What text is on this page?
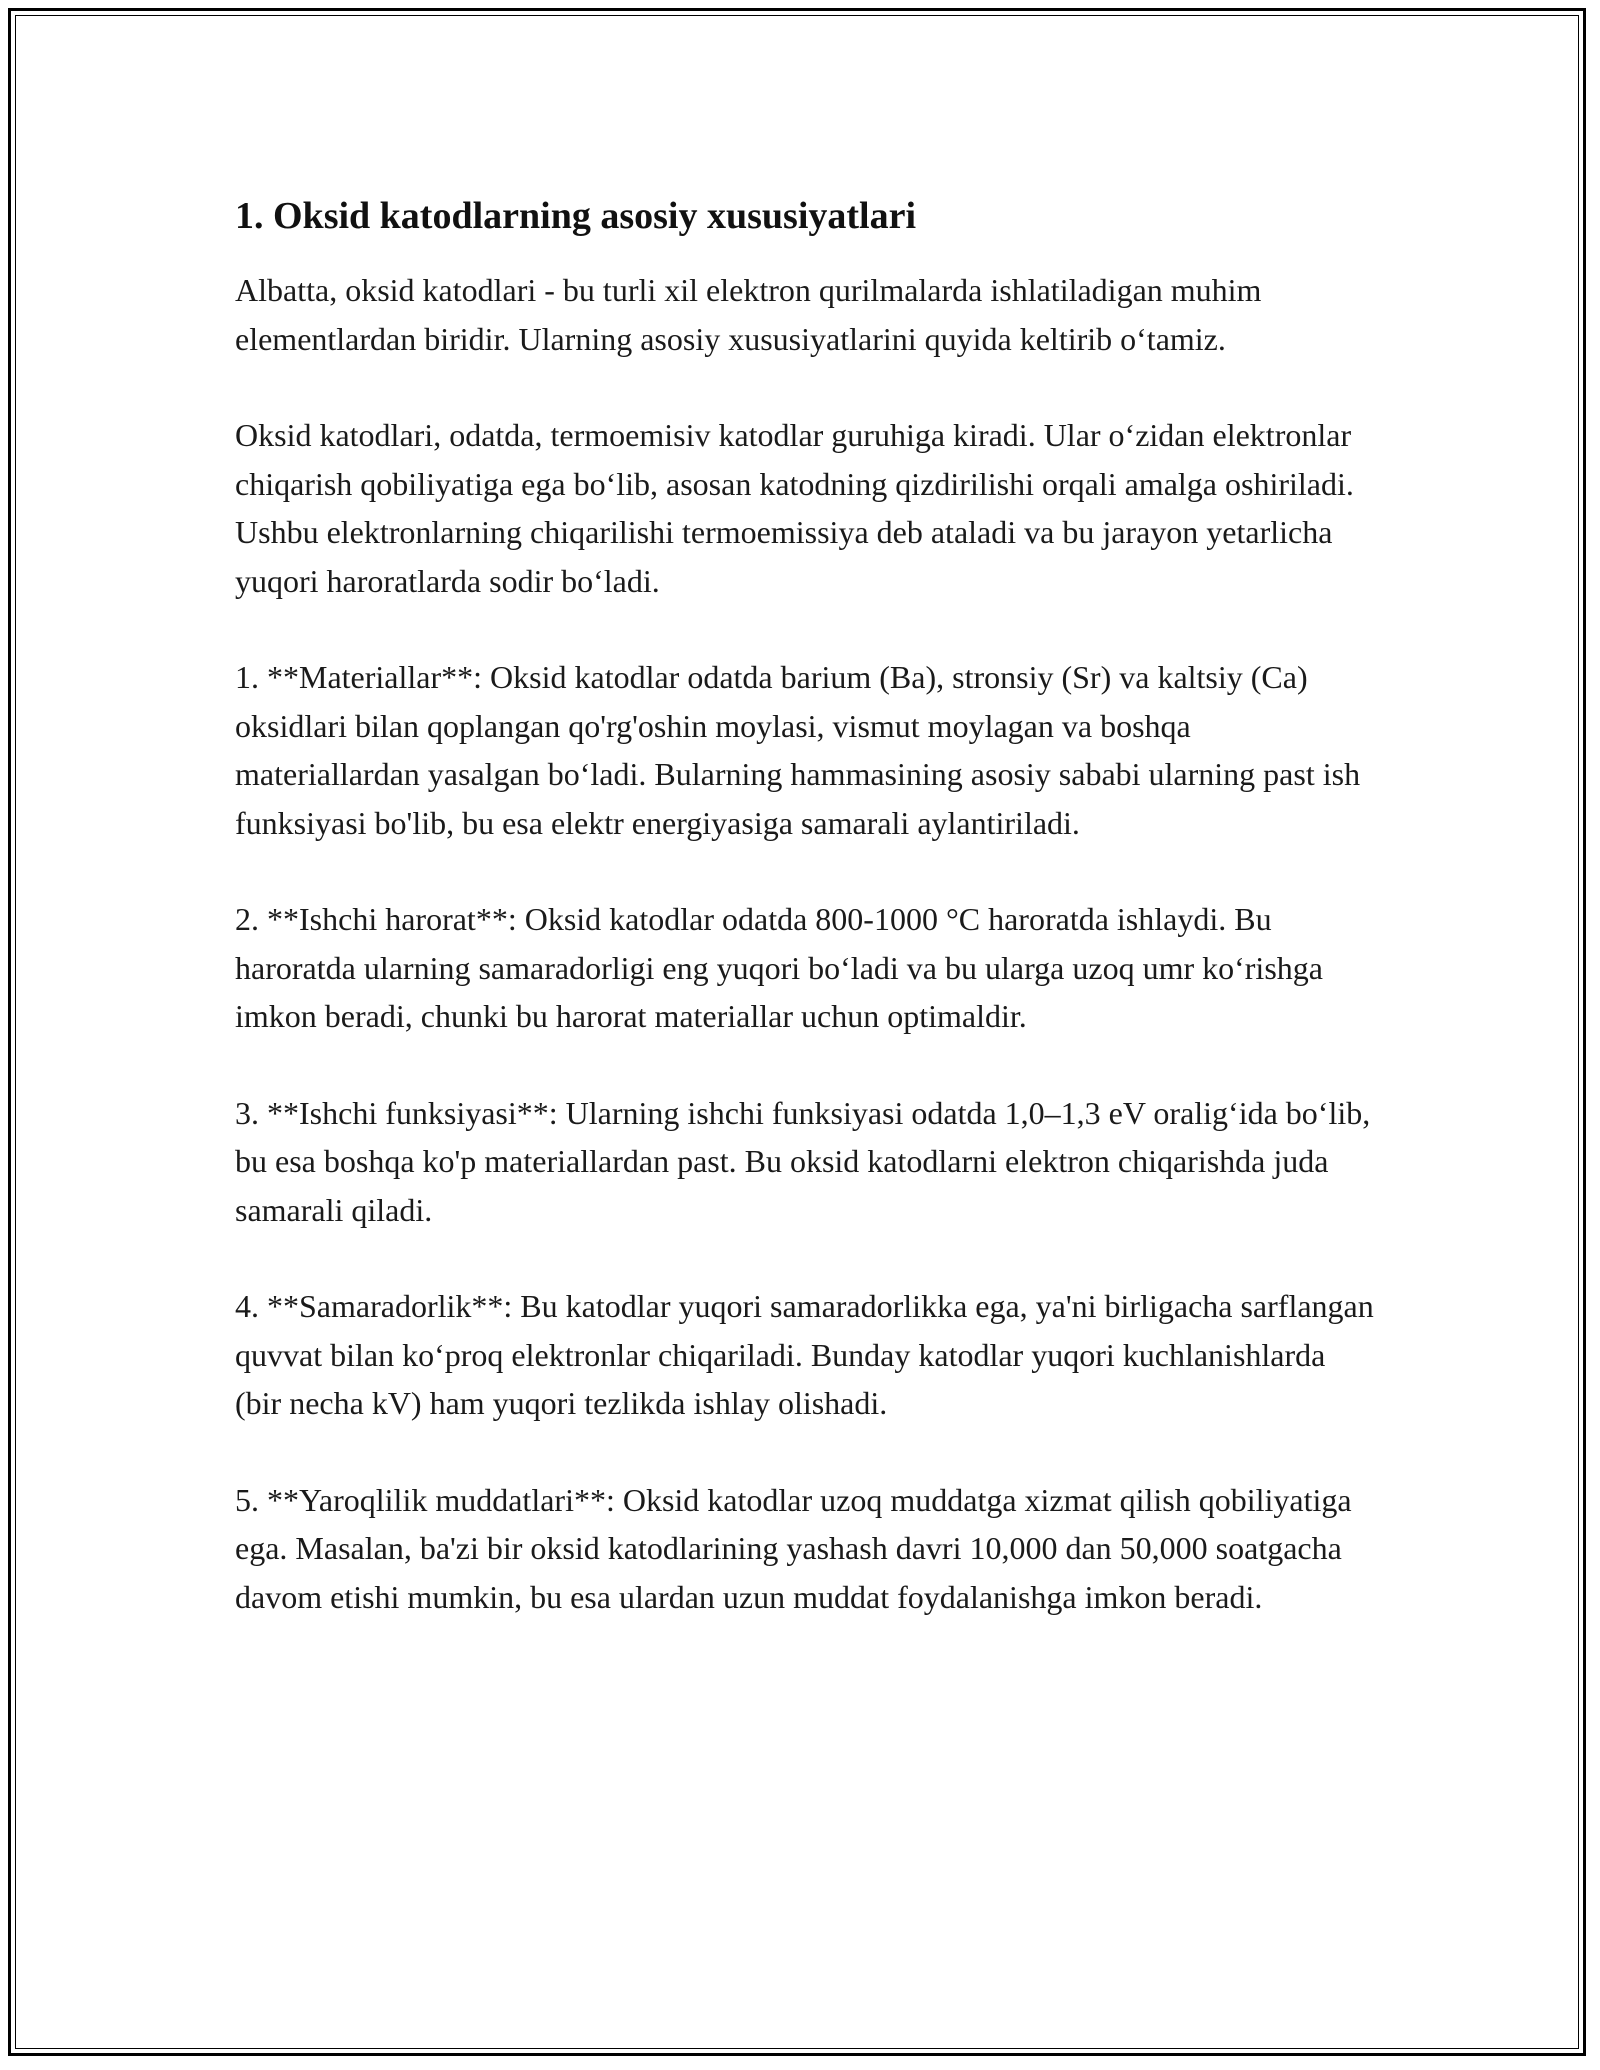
1. Oksid katodlarning asosiy xususiyatlari

Albatta, oksid katodlari - bu turli xil elektron qurilmalarda ishlatiladigan muhim elementlardan biridir. Ularning asosiy xususiyatlarini quyida keltirib o‘tamiz.

Oksid katodlari, odatda, termoemisiv katodlar guruhiga kiradi. Ular o‘zidan elektronlar chiqarish qobiliyatiga ega bo‘lib, asosan katodning qizdirilishi orqali amalga oshiriladi. Ushbu elektronlarning chiqarilishi termoemissiya deb ataladi va bu jarayon yetarlicha yuqori haroratlarda sodir bo‘ladi.

1. **Materiallar**: Oksid katodlar odatda barium (Ba), stronsiy (Sr) va kaltsiy (Ca) oksidlari bilan qoplangan qo'rg'oshin moylasi, vismut moylagan va boshqa materiallardan yasalgan bo‘ladi. Bularning hammasining asosiy sababi ularning past ish funksiyasi bo'lib, bu esa elektr energiyasiga samarali aylantiriladi.

2. **Ishchi harorat**: Oksid katodlar odatda 800-1000 °C haroratda ishlaydi. Bu haroratda ularning samaradorligi eng yuqori bo‘ladi va bu ularga uzoq umr ko‘rishga imkon beradi, chunki bu harorat materiallar uchun optimaldir.

3. **Ishchi funksiyasi**: Ularning ishchi funksiyasi odatda 1,0–1,3 eV oralig‘ida bo‘lib, bu esa boshqa ko'p materiallardan past. Bu oksid katodlarni elektron chiqarishda juda samarali qiladi.

4. **Samaradorlik**: Bu katodlar yuqori samaradorlikka ega, ya'ni birligacha sarflangan quvvat bilan ko‘proq elektronlar chiqariladi. Bunday katodlar yuqori kuchlanishlarda (bir necha kV) ham yuqori tezlikda ishlay olishadi.

5. **Yaroqlilik muddatlari**: Oksid katodlar uzoq muddatga xizmat qilish qobiliyatiga ega. Masalan, ba'zi bir oksid katodlarining yashash davri 10,000 dan 50,000 soatgacha davom etishi mumkin, bu esa ulardan uzun muddat foydalanishga imkon beradi.
